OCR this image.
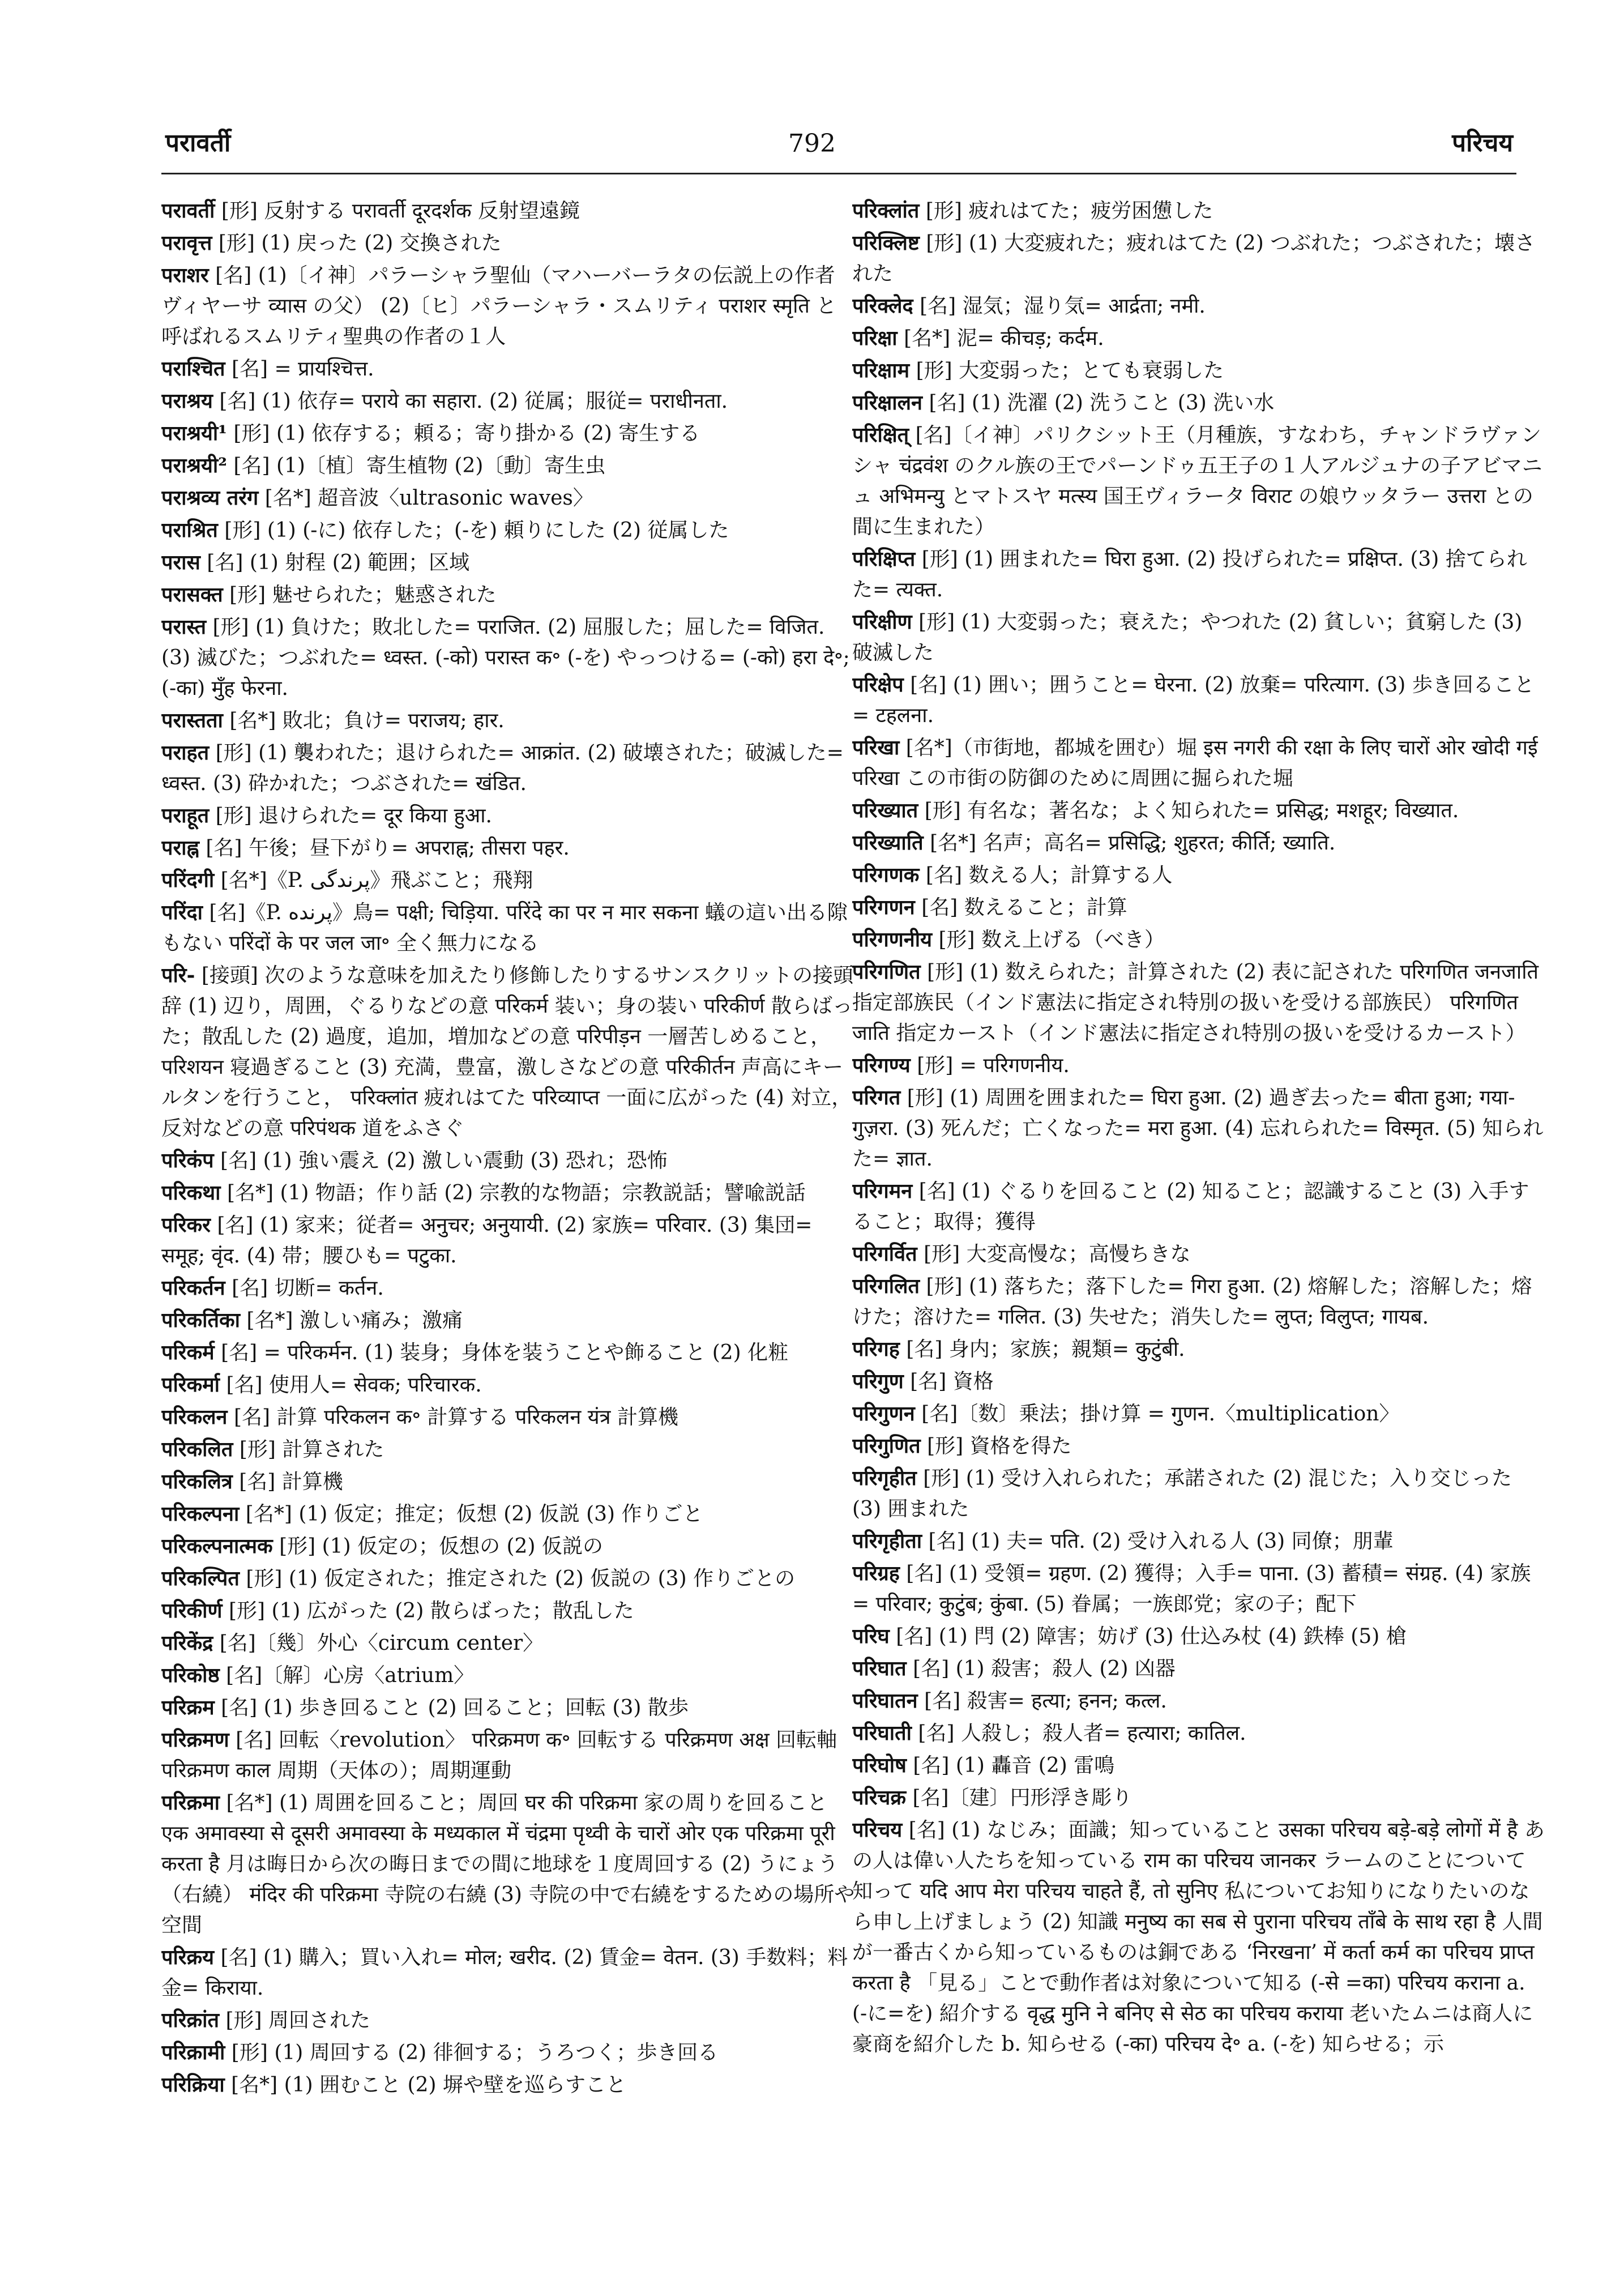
परावर्ती	792	परिचय

परावर्ती [形] 反射する परावर्ती दूरदर्शक 反射望遠鏡

परावृत्त [形] (1) 戻った (2) 交換された

पराशर [名] (1)〔イ神〕パラーシャラ聖仙（マハーバーラタの伝説上の作者ヴィヤーサ व्यास の父） (2)〔ヒ〕パラーシャラ・スムリティ पराशर स्मृति と呼ばれるスムリティ聖典の作者の１人

पराश्चित [名] = प्रायश्चित्त.

पराश्रय [名] (1) 依存= पराये का सहारा. (2) 従属；服従= पराधीनता.

पराश्रयी¹ [形] (1) 依存する；頼る；寄り掛かる (2) 寄生する

पराश्रयी² [名] (1)〔植〕寄生植物 (2)〔動〕寄生虫

पराश्रव्य तरंग [名*] 超音波〈ultrasonic waves〉

पराश्रित [形] (1) (-に) 依存した；(-を) 頼りにした (2) 従属した

परास [名] (1) 射程 (2) 範囲；区域

परासक्त [形] 魅せられた；魅惑された

परास्त [形] (1) 負けた；敗北した= पराजित. (2) 屈服した；屈した= विजित. (3) 滅びた；つぶれた= ध्वस्त. (-को) परास्त क॰ (-を) やっつける= (-को) हरा दे॰; (-का) मुँह फेरना.

परास्तता [名*] 敗北；負け= पराजय; हार.

पराहत [形] (1) 襲われた；退けられた= आक्रांत. (2) 破壊された；破滅した= ध्वस्त. (3) 砕かれた；つぶされた= खंडित.

पराहूत [形] 退けられた= दूर किया हुआ.

पराह्न [名] 午後；昼下がり= अपराह्न; तीसरा पहर.

परिंदगी [名*]《P. پرندگی》飛ぶこと；飛翔

परिंदा [名]《P. پرنده》鳥= पक्षी; चिड़िया. परिंदे का पर न मार सकना 蟻の這い出る隙もない परिंदों के पर जल जा॰ 全く無力になる

परि- [接頭] 次のような意味を加えたり修飾したりするサンスクリットの接頭辞 (1) 辺り，周囲，ぐるりなどの意 परिकर्म 装い；身の装い परिकीर्ण 散らばった；散乱した (2) 過度，追加，増加などの意 परिपीड़न 一層苦しめること， परिशयन 寝過ぎること (3) 充満，豊富，激しさなどの意 परिकीर्तन 声高にキールタンを行うこと， परिक्लांत 疲れはてた परिव्याप्त 一面に広がった (4) 対立，反対などの意 परिपंथक 道をふさぐ

परिकंप [名] (1) 強い震え (2) 激しい震動 (3) 恐れ；恐怖

परिकथा [名*] (1) 物語；作り話 (2) 宗教的な物語；宗教説話；譬喩説話

परिकर [名] (1) 家来；従者= अनुचर; अनुयायी. (2) 家族= परिवार. (3) 集団= समूह; वृंद. (4) 帯；腰ひも= पटुका.

परिकर्तन [名] 切断= कर्तन.

परिकर्तिका [名*] 激しい痛み；激痛

परिकर्म [名] = परिकर्मन. (1) 装身；身体を装うことや飾ること (2) 化粧

परिकर्मा [名] 使用人= सेवक; परिचारक.

परिकलन [名] 計算 परिकलन क॰ 計算する परिकलन यंत्र 計算機

परिकलित [形] 計算された

परिकलित्र [名] 計算機

परिकल्पना [名*] (1) 仮定；推定；仮想 (2) 仮説 (3) 作りごと

परिकल्पनात्मक [形] (1) 仮定の；仮想の (2) 仮説の

परिकल्पित [形] (1) 仮定された；推定された (2) 仮説の (3) 作りごとの

परिकीर्ण [形] (1) 広がった (2) 散らばった；散乱した

परिकेंद्र [名]〔幾〕外心〈circum center〉

परिकोष्ठ [名]〔解〕心房〈atrium〉

परिक्रम [名] (1) 歩き回ること (2) 回ること；回転 (3) 散歩

परिक्रमण [名] 回転〈revolution〉 परिक्रमण क॰ 回転する परिक्रमण अक्ष 回転軸 परिक्रमण काल 周期（天体の）；周期運動

परिक्रमा [名*] (1) 周囲を回ること；周回 घर की परिक्रमा 家の周りを回ること एक अमावस्या से दूसरी अमावस्या के मध्यकाल में चंद्रमा पृथ्वी के चारों ओर एक परिक्रमा पूरी करता है 月は晦日から次の晦日までの間に地球を１度周回する (2) うにょう（右繞） मंदिर की परिक्रमा 寺院の右繞 (3) 寺院の中で右繞をするための場所や空間

परिक्रय [名] (1) 購入；買い入れ= मोल; खरीद. (2) 賃金= वेतन. (3) 手数料；料金= किराया.

परिक्रांत [形] 周回された

परिक्रामी [形] (1) 周回する (2) 徘徊する；うろつく；歩き回る

परिक्रिया [名*] (1) 囲むこと (2) 塀や壁を巡らすこと

परिक्लांत [形] 疲れはてた；疲労困憊した

परिक्लिष्ट [形] (1) 大変疲れた；疲れはてた (2) つぶれた；つぶされた；壊された

परिक्लेद [名] 湿気；湿り気= आर्द्रता; नमी.

परिक्षा [名*] 泥= कीचड़; कर्दम.

परिक्षाम [形] 大変弱った；とても衰弱した

परिक्षालन [名] (1) 洗濯 (2) 洗うこと (3) 洗い水

परिक्षित् [名]〔イ神〕パリクシット王（月種族，すなわち，チャンドラヴァンシャ चंद्रवंश のクル族の王でパーンドゥ五王子の１人アルジュナの子アビマニュ अभिमन्यु とマトスヤ मत्स्य 国王ヴィラータ विराट の娘ウッタラー उत्तरा との間に生まれた）

परिक्षिप्त [形] (1) 囲まれた= घिरा हुआ. (2) 投げられた= प्रक्षिप्त. (3) 捨てられた= त्यक्त.

परिक्षीण [形] (1) 大変弱った；衰えた；やつれた (2) 貧しい；貧窮した (3) 破滅した

परिक्षेप [名] (1) 囲い；囲うこと= घेरना. (2) 放棄= परित्याग. (3) 歩き回ること= टहलना.

परिखा [名*]（市街地，都城を囲む）堀 इस नगरी की रक्षा के लिए चारों ओर खोदी गई परिखा この市街の防御のために周囲に掘られた堀

परिख्यात [形] 有名な；著名な；よく知られた= प्रसिद्ध; मशहूर; विख्यात.

परिख्याति [名*] 名声；高名= प्रसिद्धि; शुहरत; कीर्ति; ख्याति.

परिगणक [名] 数える人；計算する人

परिगणन [名] 数えること；計算

परिगणनीय [形] 数え上げる（べき）

परिगणित [形] (1) 数えられた；計算された (2) 表に記された परिगणित जनजाति 指定部族民（インド憲法に指定され特別の扱いを受ける部族民） परिगणित जाति 指定カースト（インド憲法に指定され特別の扱いを受けるカースト）

परिगण्य [形] = परिगणनीय.

परिगत [形] (1) 周囲を囲まれた= घिरा हुआ. (2) 過ぎ去った= बीता हुआ; गया-गुज़रा. (3) 死んだ；亡くなった= मरा हुआ. (4) 忘れられた= विस्मृत. (5) 知られた= ज्ञात.

परिगमन [名] (1) ぐるりを回ること (2) 知ること；認識すること (3) 入手すること；取得；獲得

परिगर्वित [形] 大変高慢な；高慢ちきな

परिगलित [形] (1) 落ちた；落下した= गिरा हुआ. (2) 熔解した；溶解した；熔けた；溶けた= गलित. (3) 失せた；消失した= लुप्त; विलुप्त; गायब.

परिगह [名] 身内；家族；親類= कुटुंबी.

परिगुण [名] 資格

परिगुणन [名]〔数〕乗法；掛け算 = गुणन.〈multiplication〉

परिगुणित [形] 資格を得た

परिगृहीत [形] (1) 受け入れられた；承諾された (2) 混じた；入り交じった (3) 囲まれた

परिगृहीता [名] (1) 夫= पति. (2) 受け入れる人 (3) 同僚；朋輩

परिग्रह [名] (1) 受領= ग्रहण. (2) 獲得；入手= पाना. (3) 蓄積= संग्रह. (4) 家族= परिवार; कुटुंब; कुंबा. (5) 眷属；一族郎党；家の子；配下

परिघ [名] (1) 閂 (2) 障害；妨げ (3) 仕込み杖 (4) 鉄棒 (5) 槍

परिघात [名] (1) 殺害；殺人 (2) 凶器

परिघातन [名] 殺害= हत्या; हनन; कत्ल.

परिघाती [名] 人殺し；殺人者= हत्यारा; कातिल.

परिघोष [名] (1) 轟音 (2) 雷鳴

परिचक्र [名]〔建〕円形浮き彫り

परिचय [名] (1) なじみ；面識；知っていること उसका परिचय बड़े-बड़े लोगों में है あの人は偉い人たちを知っている राम का परिचय जानकर ラームのことについて知って यदि आप मेरा परिचय चाहते हैं, तो सुनिए 私についてお知りになりたいのなら申し上げましょう (2) 知識 मनुष्य का सब से पुराना परिचय ताँबे के साथ रहा है 人間が一番古くから知っているものは銅である ‘निरखना’ में कर्ता कर्म का परिचय प्राप्त करता है 「見る」ことで動作者は対象について知る (-से =का) परिचय कराना a. (-に=を) 紹介する वृद्ध मुनि ने बनिए से सेठ का परिचय कराया 老いたムニは商人に豪商を紹介した b. 知らせる (-का) परिचय दे॰ a. (-を) 知らせる；示
